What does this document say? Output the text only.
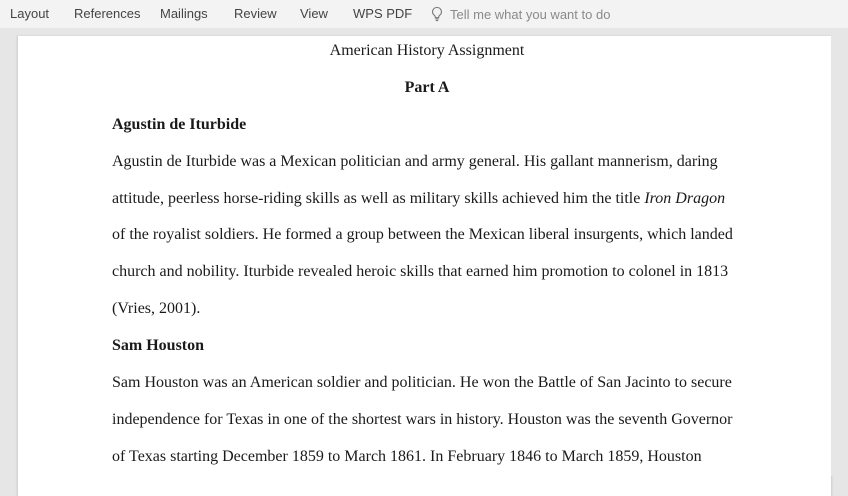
Layout References Mailings Review View WPS PDF	Tell me what you want to do
American History Assignment
Part A
Agustin de Iturbide
Agustin de Iturbide was a Mexican politician and army general. His gallant mannerism, daring
attitude, peerless horse-riding skills as well as military skills achieved him the title Iron Dragon
of the royalist soldiers. He formed a group between the Mexican liberal insurgents, which landed
church and nobility. Iturbide revealed heroic skills that earned him promotion to colonel in 1813
(Vries, 2001).
Sam Houston
Sam Houston was an American soldier and politician. He won the Battle of San Jacinto to secure
independence for Texas in one of the shortest wars in history. Houston was the seventh Governor
of Texas starting December 1859 to March 1861. In February 1846 to March 1859, Houston
